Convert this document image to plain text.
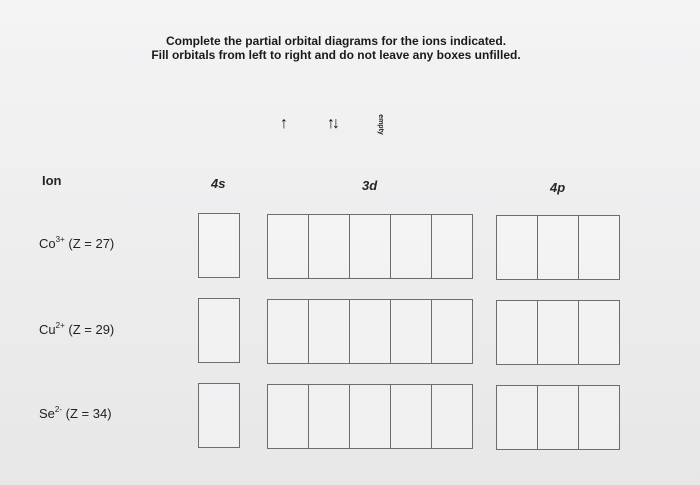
Complete the partial orbital diagrams for the ions indicated.
Fill orbitals from left to right and do not leave any boxes unfilled.
↑	↑↓	empty
Ion	4s	3d	4p
$Co^{3+}$ (Z = 27)
$Cu^{2+}$ (Z = 29)
$Se^{2-}$ (Z = 34)
